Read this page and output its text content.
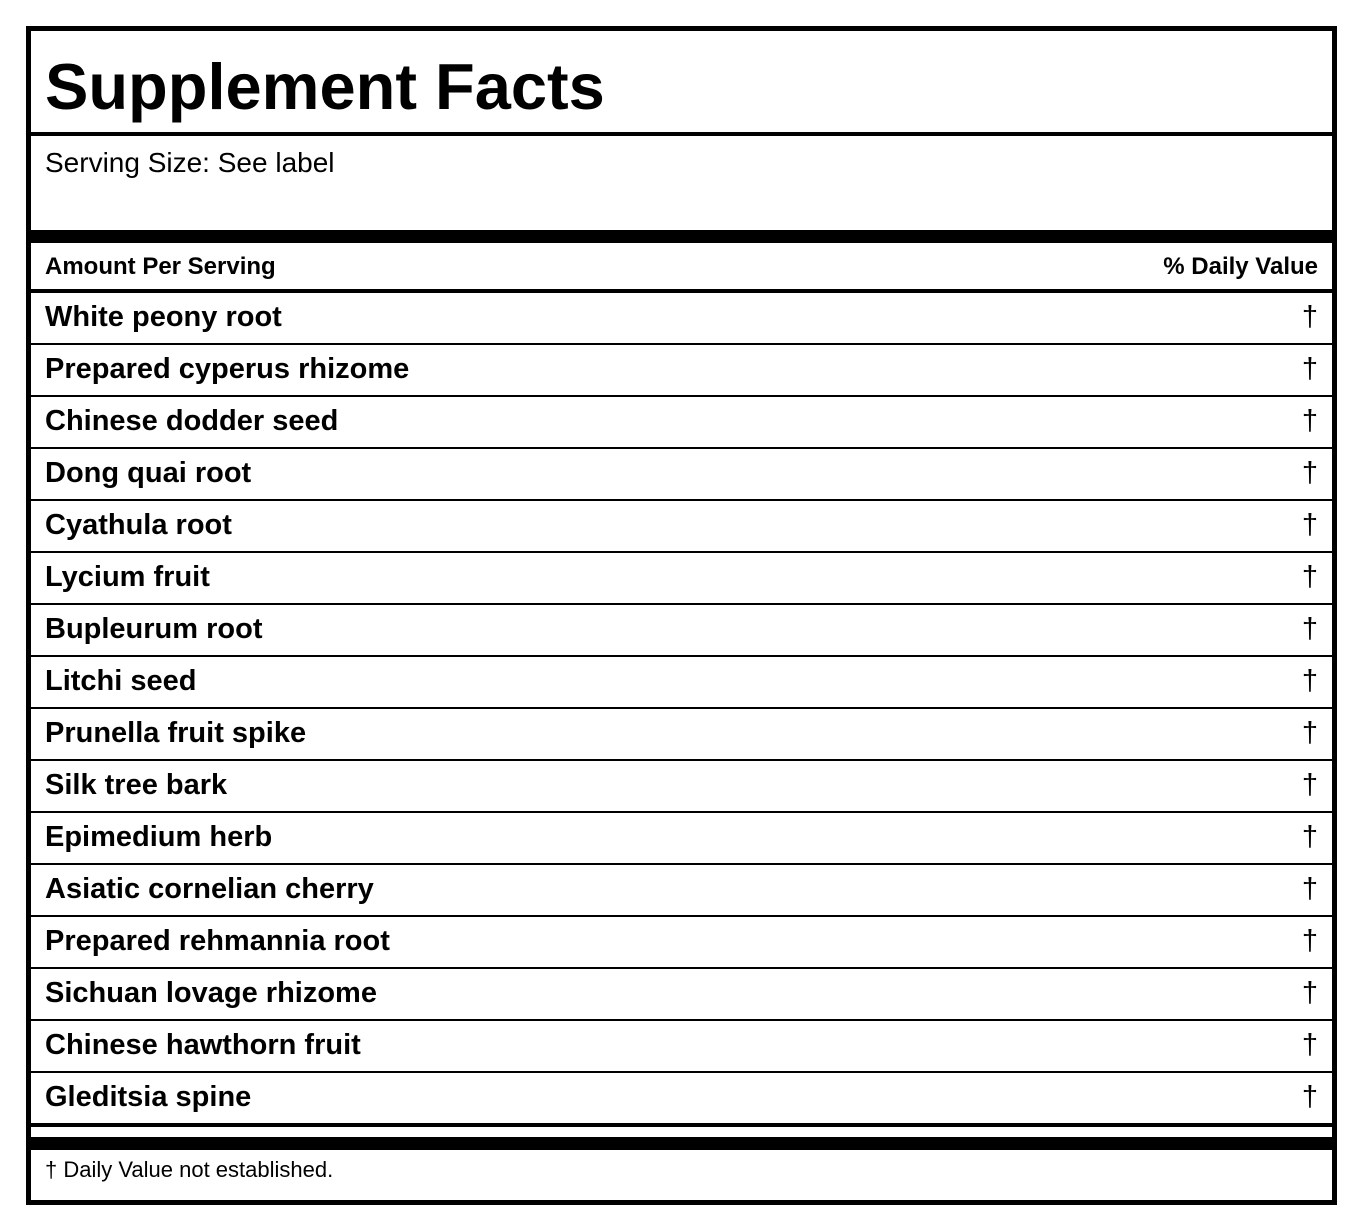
Supplement Facts
Serving Size: See label
Amount Per Serving	% Daily Value
White peony root	†
Prepared cyperus rhizome	†
Chinese dodder seed	†
Dong quai root	†
Cyathula root	†
Lycium fruit	†
Bupleurum root	†
Litchi seed	†
Prunella fruit spike	†
Silk tree bark	†
Epimedium herb	†
Asiatic cornelian cherry	†
Prepared rehmannia root	†
Sichuan lovage rhizome	†
Chinese hawthorn fruit	†
Gleditsia spine	†
† Daily Value not established.
